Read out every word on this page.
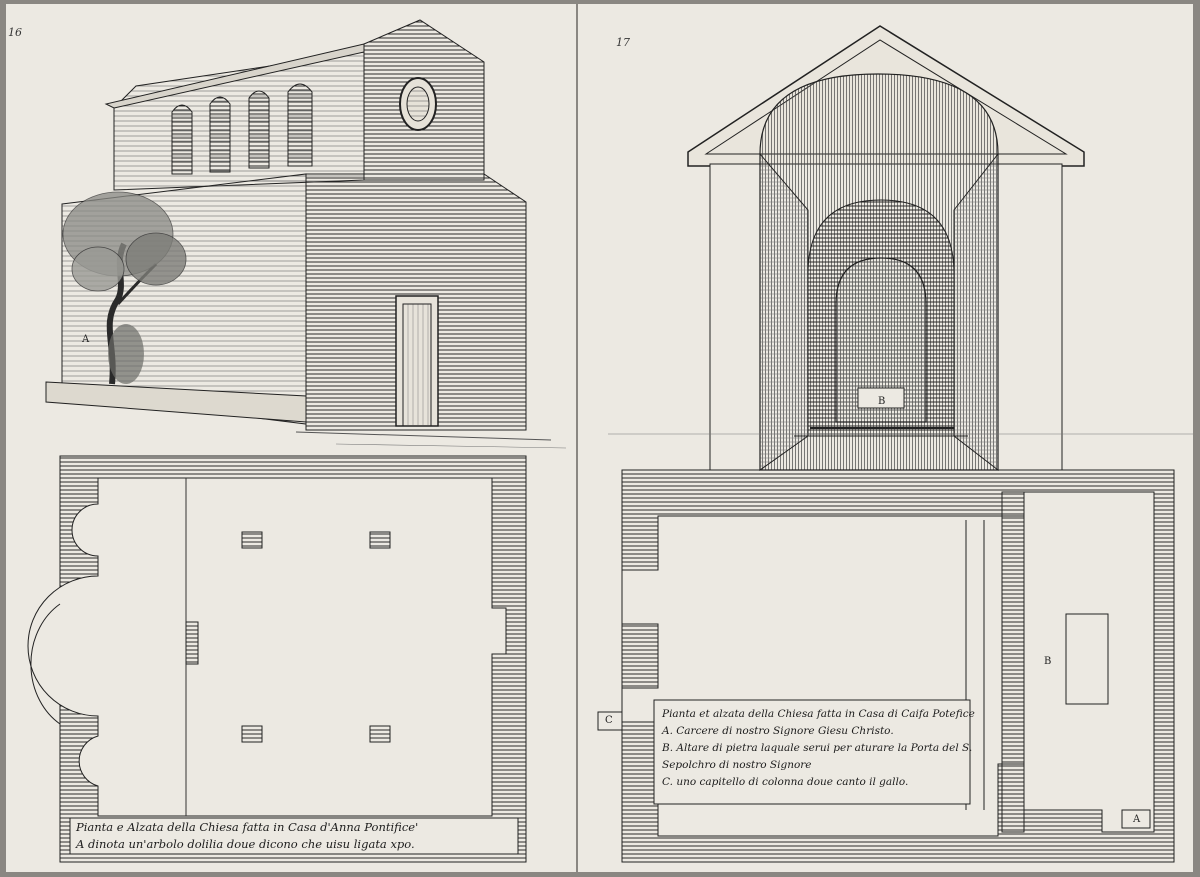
16
A
Pianta e Alzata della Chiesa fatta in Casa d'Anna Pontifice'
A dinota un'arbolo dolilia doue dicono che uisu ligata xpo.
17
B
B
C
A
Pianta et alzata della Chiesa fatta in Casa di Caifa Potefice
A. Carcere di nostro Signore Giesu Christo.
B. Altare di pietra laquale serui per aturare la Porta del S.
Sepolchro di nostro Signore
C. uno capitello di colonna doue canto il gallo.
